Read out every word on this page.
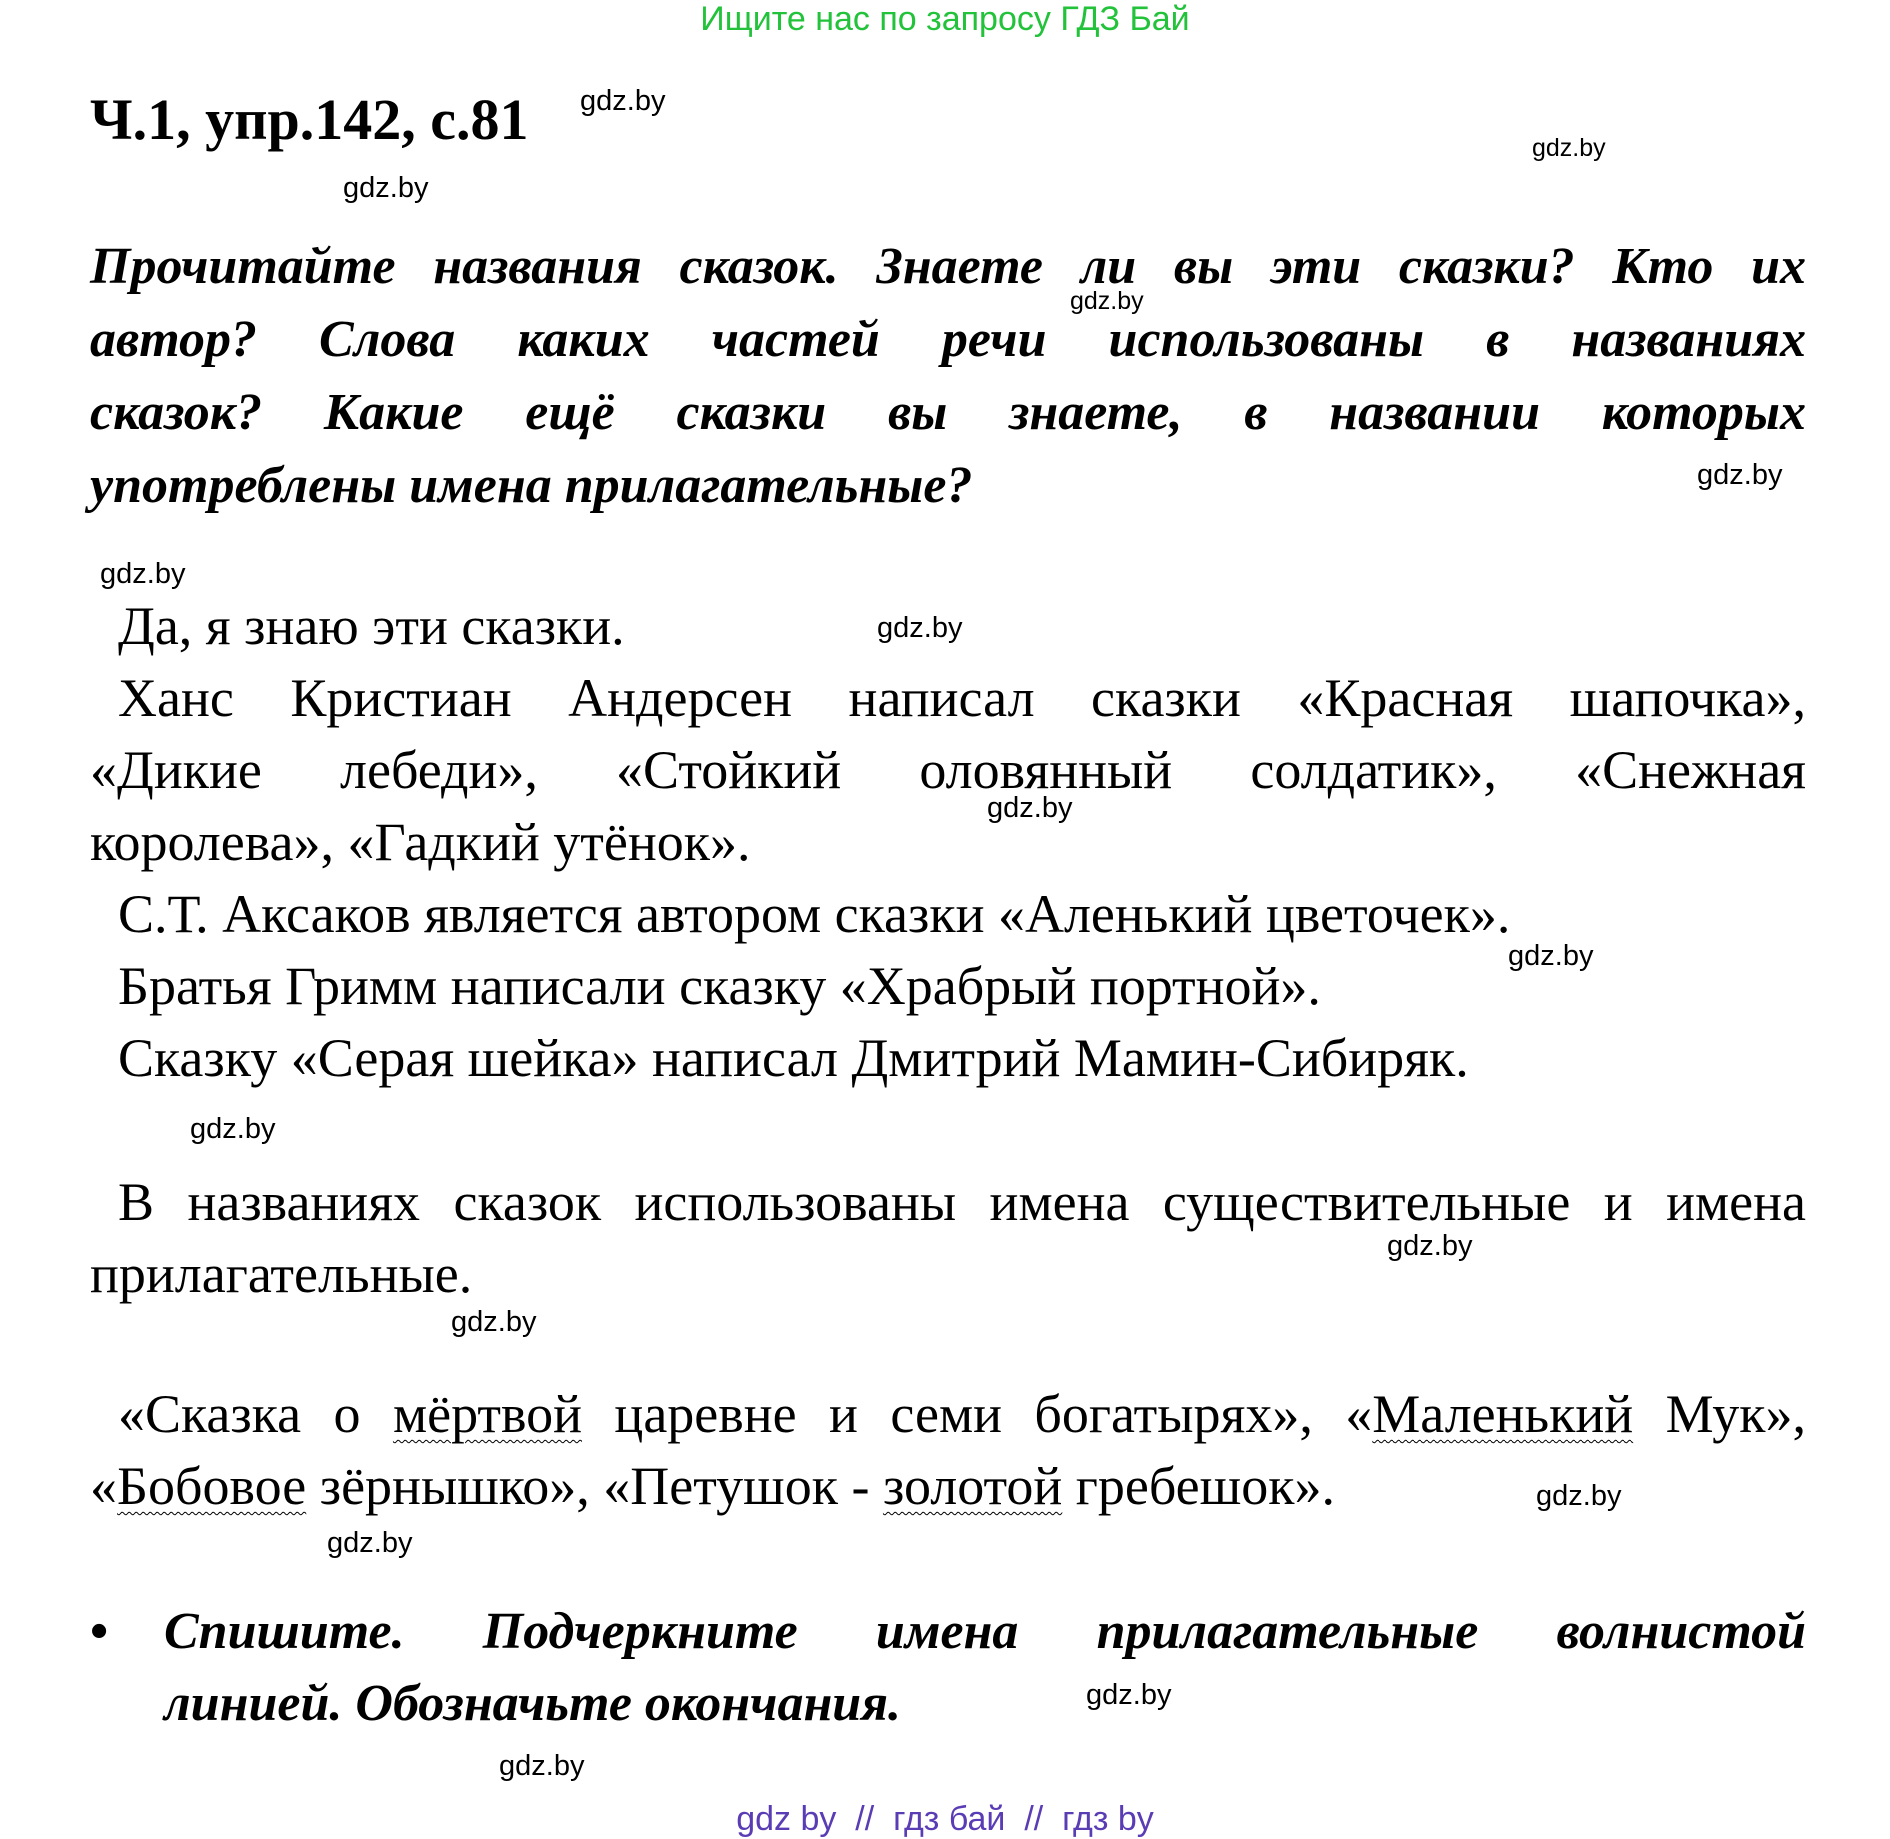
Ищите нас по запросу ГДЗ Бай
Ч.1, упр.142, с.81
Прочитайте названия сказок. Знаете ли вы эти сказки? Кто их
автор? Слова каких частей речи использованы в названиях
сказок? Какие ещё сказки вы знаете, в названии которых
употреблены имена прилагательные?
Да, я знаю эти сказки.
Ханс Кристиан Андерсен написал сказки «Красная шапочка»,
«Дикие лебеди», «Стойкий оловянный солдатик», «Снежная
королева», «Гадкий утёнок».
С.Т. Аксаков является автором сказки «Аленький цветочек».
Братья Гримм написали сказку «Храбрый портной».
Сказку «Серая шейка» написал Дмитрий Мамин-Сибиряк.
В названиях сказок использованы имена существительные и имена
прилагательные.
«Сказка о мёртвой царевне и семи богатырях», «Маленький Мук»,
«Бобовое зёрнышко», «Петушок - золотой гребешок».
• Спишите. Подчеркните имена прилагательные волнистой
линией. Обозначьте окончания.
gdz.by
gdz.by
gdz.by
gdz.by
gdz.by
gdz.by
gdz.by
gdz.by
gdz.by
gdz.by
gdz.by
gdz.by
gdz.by
gdz.by
gdz.by
gdz.by
gdz by  //  гдз бай  //  гдз by
